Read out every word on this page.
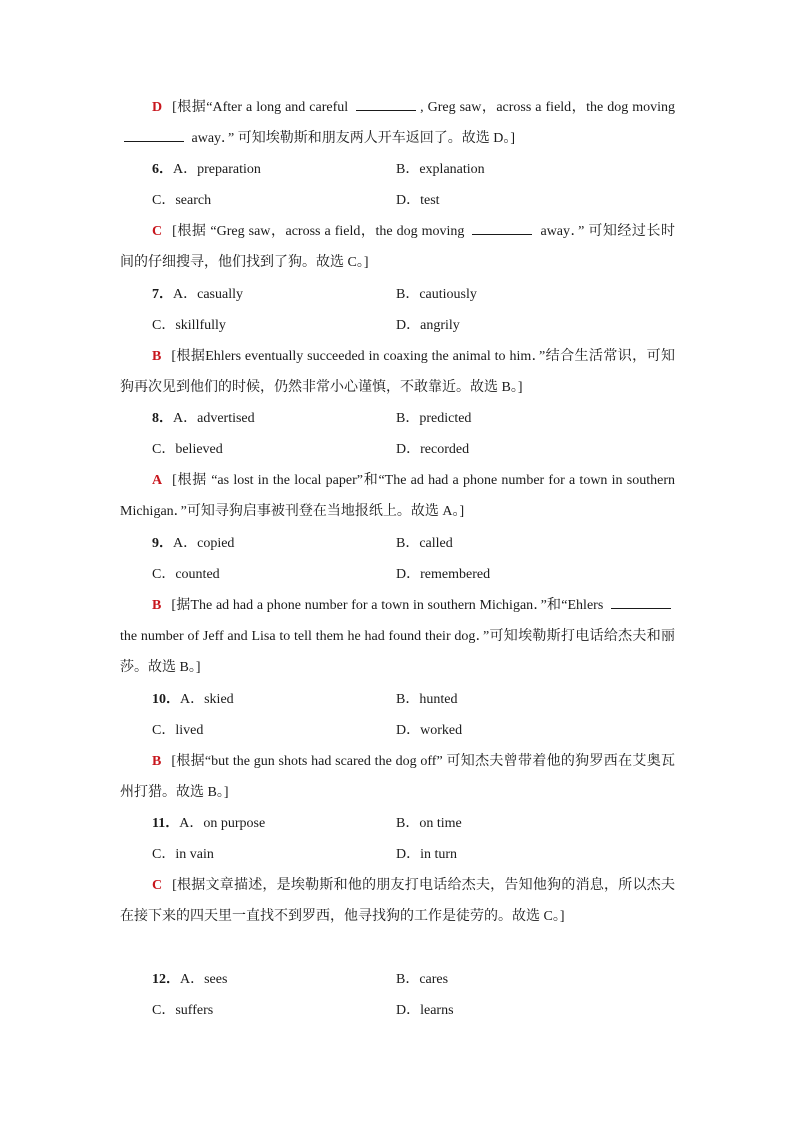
D [根据“After a long and careful	, Greg saw，across a field，the dog moving  away．” 可知埃勒斯和朋友两人开车返回了。故选 D。]
6．A．preparation	B．explanation
C．search	D．test
C [根据 “Greg saw，across a field，the dog moving	away．” 可知经过长时间的仔细搜寻，他们找到了狗。故选 C。]
7．A．casually	B．cautiously
C．skillfully	D．angrily
B [根据Ehlers eventually succeeded in coaxing the animal to him．”结合生活常识，可知狗再次见到他们的时候，仍然非常小心谨慎，不敢靠近。故选 B。]
8．A．advertised	B．predicted
C．believed	D．recorded
A [根据 “as lost in the local paper”和“The ad had a phone number for a town in southern Michigan．”可知寻狗启事被刊登在当地报纸上。故选 A。]
9．A．copied	B．called
C．counted	D．remembered
B [据The ad had a phone number for a town in southern Michigan．”和“Ehlers  the number of Jeff and Lisa to tell them he had found their dog．”可知埃勒斯打电话给杰夫和丽莎。故选 B。]
10．A．skied	B．hunted
C．lived	D．worked
B [根据“but the gun shots had scared the dog off” 可知杰夫曾带着他的狗罗西在艾奥瓦州打猎。故选 B。]
11．A．on purpose	B．on time
C．in vain	D．in turn
C [根据文章描述，是埃勒斯和他的朋友打电话给杰夫，告知他狗的消息，所以杰夫在接下来的四天里一直找不到罗西，他寻找狗的工作是徒劳的。故选 C。]
12．A．sees	B．cares
C．suffers	D．learns
